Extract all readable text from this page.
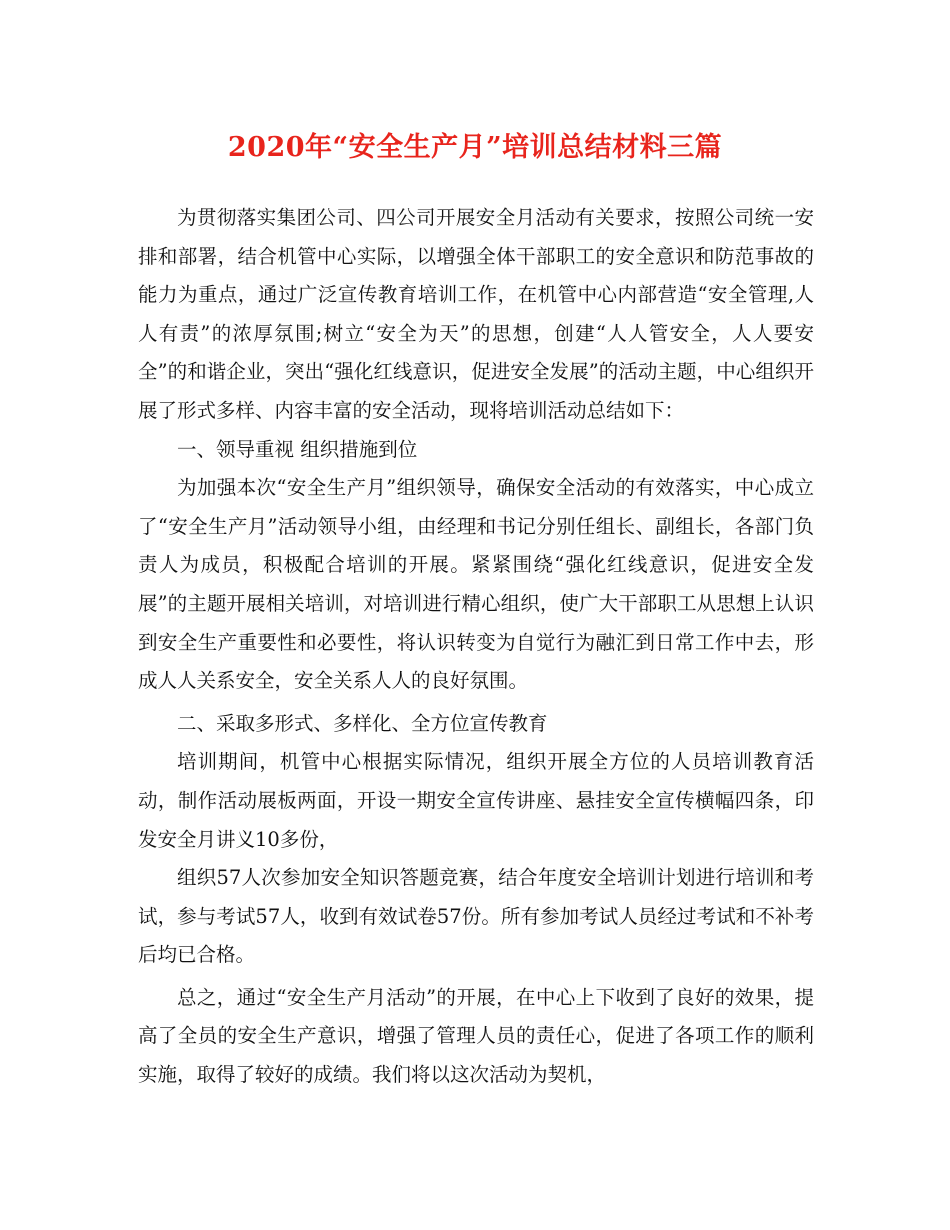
2020年“安全生产月”培训总结材料三篇

为贯彻落实集团公司、四公司开展安全月活动有关要求，按照公司统一安排和部署，结合机管中心实际，以增强全体干部职工的安全意识和防范事故的能力为重点，通过广泛宣传教育培训工作，在机管中心内部营造“安全管理,人人有责”的浓厚氛围;树立“安全为天”的思想，创建“人人管安全，人人要安全”的和谐企业，突出“强化红线意识，促进安全发展”的活动主题，中心组织开展了形式多样、内容丰富的安全活动，现将培训活动总结如下：

一、领导重视 组织措施到位

为加强本次“安全生产月”组织领导，确保安全活动的有效落实，中心成立了“安全生产月”活动领导小组，由经理和书记分别任组长、副组长，各部门负责人为成员，积极配合培训的开展。紧紧围绕“强化红线意识，促进安全发展”的主题开展相关培训，对培训进行精心组织，使广大干部职工从思想上认识到安全生产重要性和必要性，将认识转变为自觉行为融汇到日常工作中去，形成人人关系安全，安全关系人人的良好氛围。

二、采取多形式、多样化、全方位宣传教育

培训期间，机管中心根据实际情况，组织开展全方位的人员培训教育活动，制作活动展板两面，开设一期安全宣传讲座、悬挂安全宣传横幅四条，印发安全月讲义10多份，

组织57人次参加安全知识答题竞赛，结合年度安全培训计划进行培训和考试，参与考试57人，收到有效试卷57份。所有参加考试人员经过考试和不补考后均已合格。

总之，通过“安全生产月活动”的开展，在中心上下收到了良好的效果，提高了全员的安全生产意识，增强了管理人员的责任心，促进了各项工作的顺利实施，取得了较好的成绩。我们将以这次活动为契机，
